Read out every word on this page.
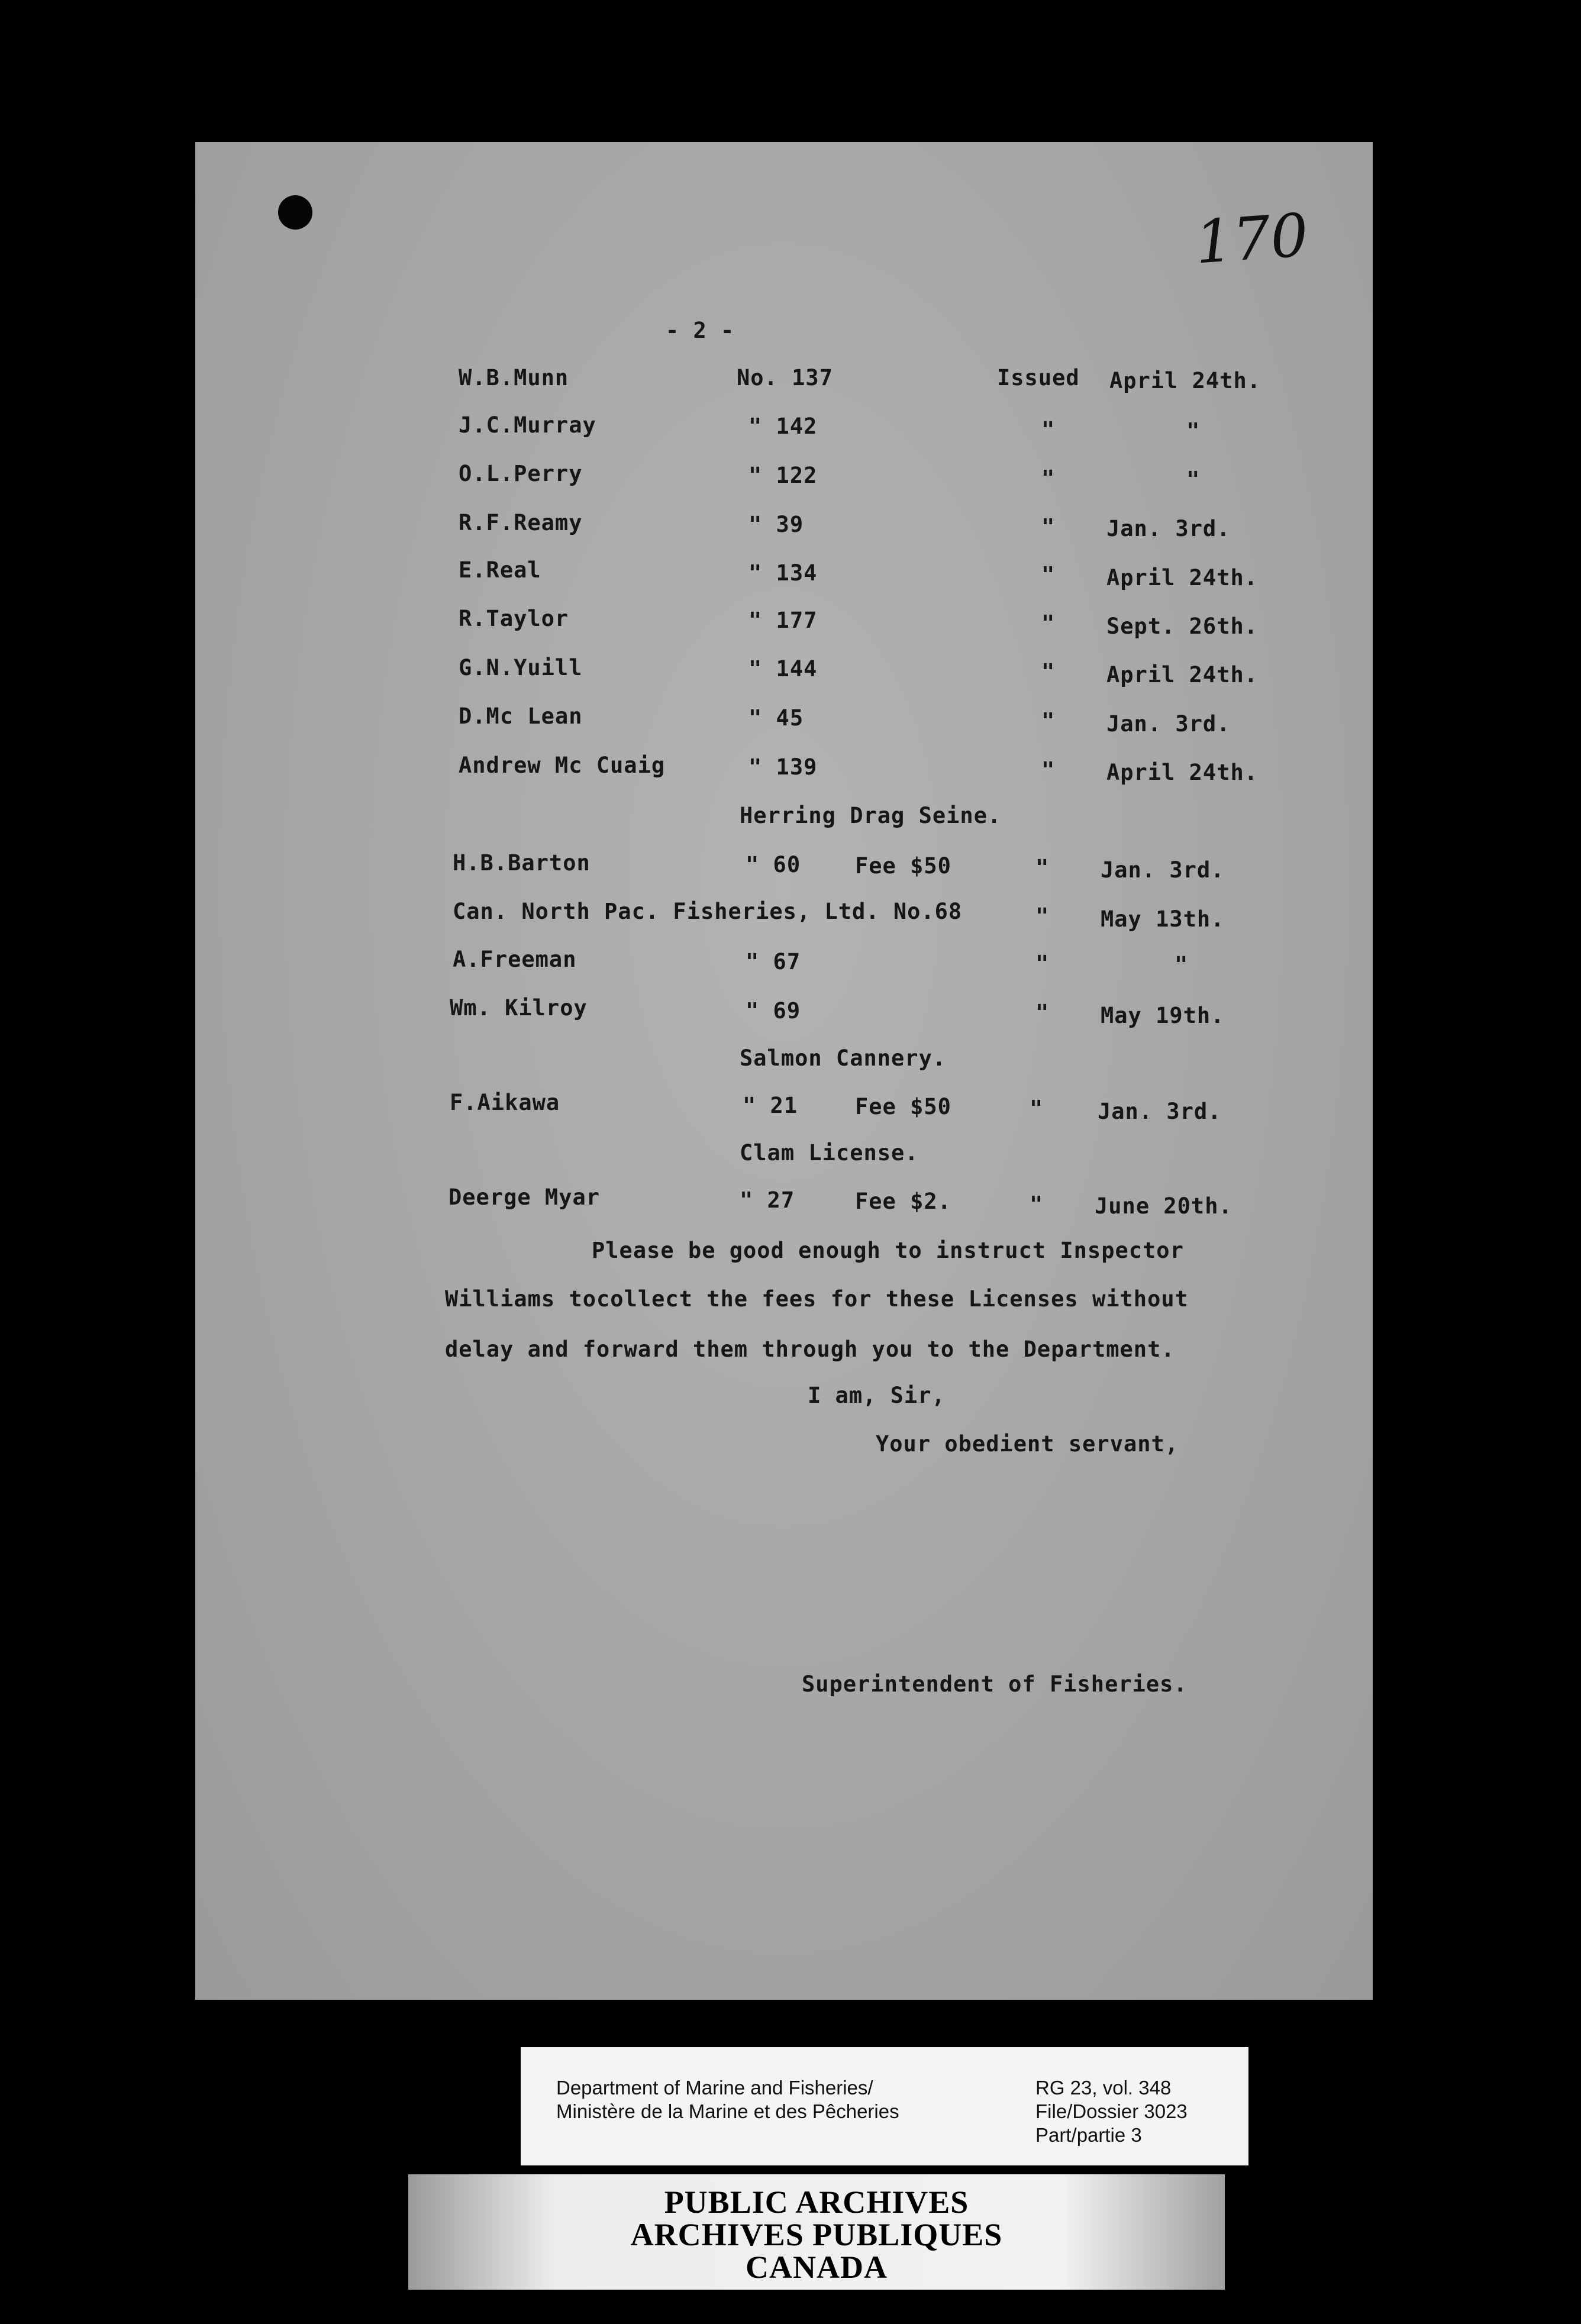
170
- 2 -
W.B.Munn	No. 137	Issued April 24th.
J.C.Murray	" 142	"	"
O.L.Perry	" 122	"	"
R.F.Reamy	" 39	" Jan. 3rd.
E.Real	" 134	" April 24th.
R.Taylor	" 177	" Sept. 26th.
G.N.Yuill	" 144	" April 24th.
D.Mc Lean	" 45	" Jan. 3rd.
Andrew Mc Cuaig	" 139	" April 24th.
Herring Drag Seine.
H.B.Barton	" 60 Fee $50	" Jan. 3rd.
Can. North Pac. Fisheries, Ltd. No.68	" May 13th.
A.Freeman	" 67	"	"
Wm. Kilroy	" 69	" May 19th.
Salmon Cannery.
F.Aikawa	" 21	Fee $50	" Jan. 3rd.
Clam License.
Deerge Myar	" 27	Fee $2.	" June 20th.
Please be good enough to instruct Inspector
Williams tocollect the fees for these Licenses without
delay and forward them through you to the Department.
I am, Sir,
Your obedient servant,
Superintendent of Fisheries.
Department of Marine and Fisheries/
Ministère de la Marine et des Pêcheries
RG 23, vol. 348
File/Dossier 3023
Part/partie 3
PUBLIC ARCHIVES
ARCHIVES PUBLIQUES
CANADA
